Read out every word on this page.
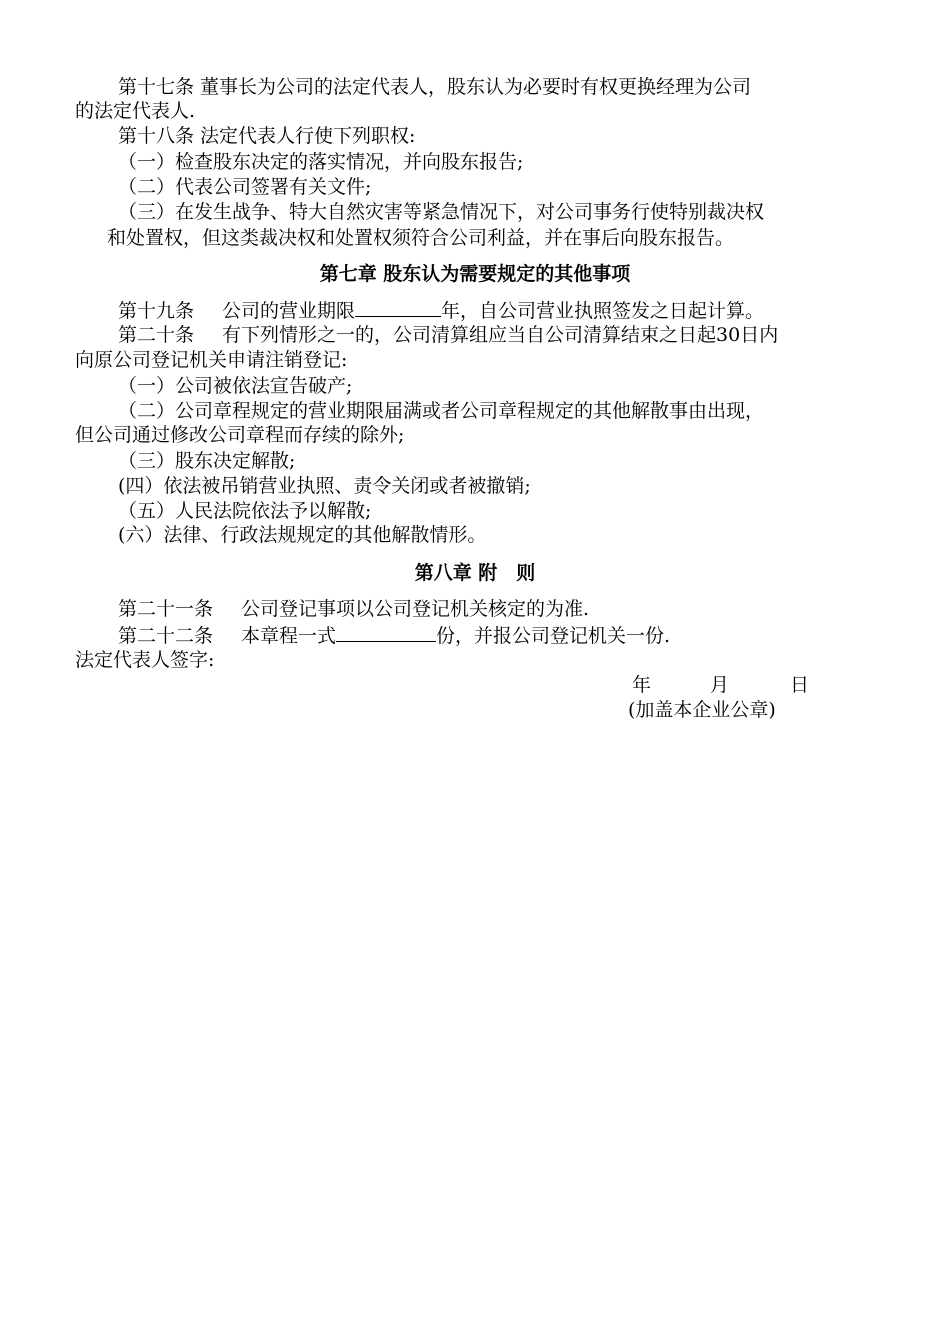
第十七条 董事长为公司的法定代表人，股东认为必要时有权更换经理为公司
的法定代表人.
第十八条 法定代表人行使下列职权:
（一）检查股东决定的落实情况，并向股东报告;
（二）代表公司签署有关文件;
（三）在发生战争、特大自然灾害等紧急情况下，对公司事务行使特别裁决权
和处置权，但这类裁决权和处置权须符合公司利益，并在事后向股东报告。
第七章 股东认为需要规定的其他事项
第十九条 公司的营业期限	年，自公司营业执照签发之日起计算。
第二十条 有下列情形之一的，公司清算组应当自公司清算结束之日起30日内
向原公司登记机关申请注销登记:
（一）公司被依法宣告破产;
（二）公司章程规定的营业期限届满或者公司章程规定的其他解散事由出现，
但公司通过修改公司章程而存续的除外;
（三）股东决定解散;
(四）依法被吊销营业执照、责令关闭或者被撤销;
（五）人民法院依法予以解散;
(六）法律、行政法规规定的其他解散情形。
第八章 附　则
第二十一条 公司登记事项以公司登记机关核定的为准.
第二十二条 本章程一式	份，并报公司登记机关一份.
法定代表人签字:
年	月	日
(加盖本企业公章)
